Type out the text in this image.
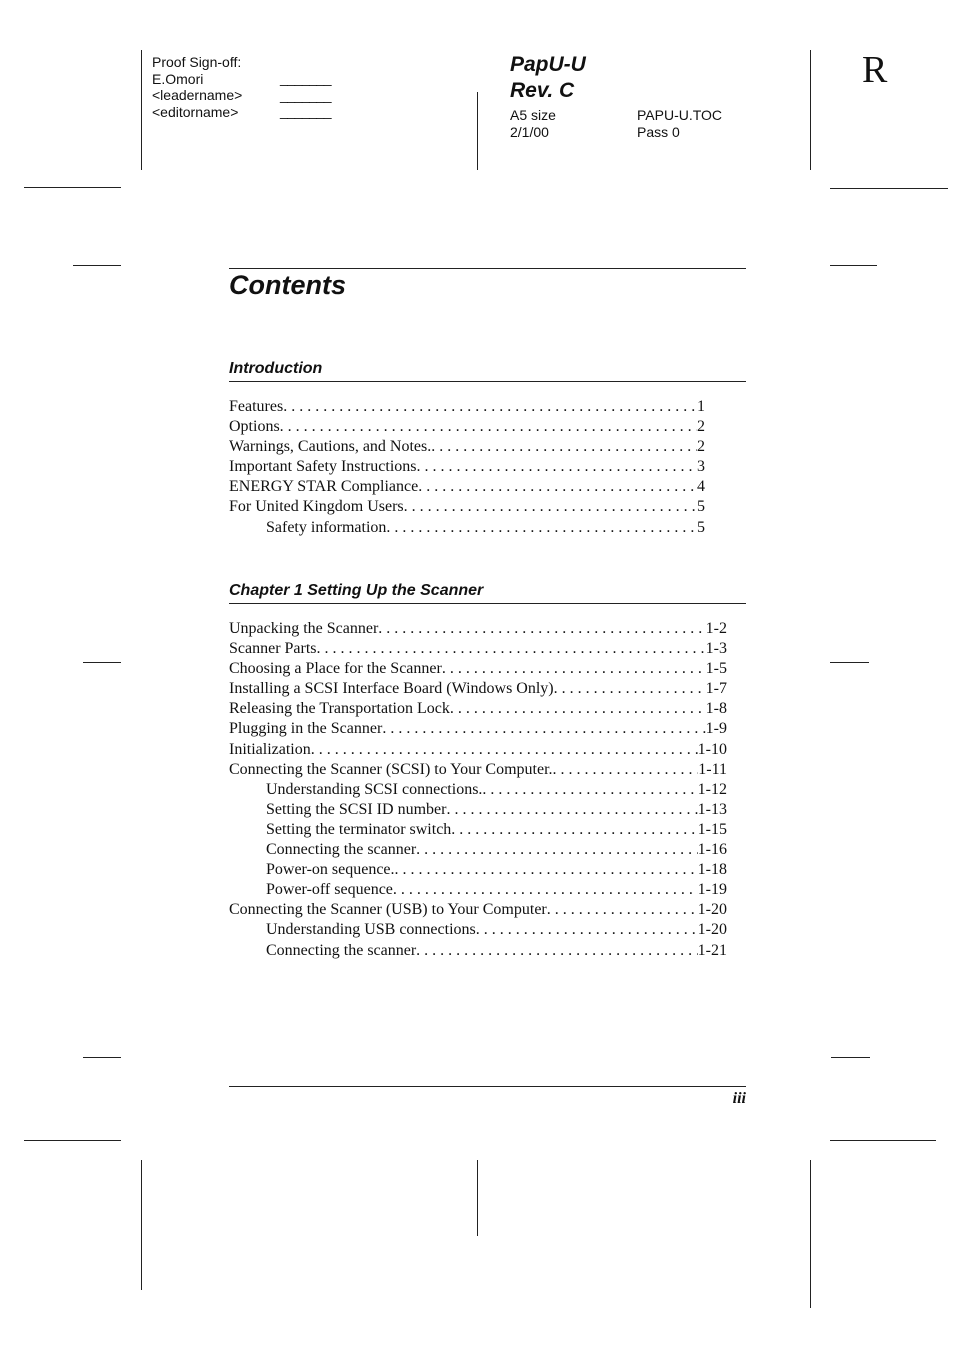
Proof Sign-off:
E.Omori
<leadername>
<editorname>
_______
_______
_______
PapU-U
Rev. C
A5 size
2/1/00
PAPU-U.TOC
Pass 0
R
Contents
Introduction
Features . . .	1
Options . . .	2
Warnings, Cautions, and Notes. . . .	2
Important Safety Instructions . . .	3
ENERGY STAR Compliance . . .	4
For United Kingdom Users . . .	5
Safety information . . .	5
Chapter 1 Setting Up the Scanner
Unpacking the Scanner . . .	1-2
Scanner Parts . . .	1-3
Choosing a Place for the Scanner . . .	1-5
Installing a SCSI Interface Board (Windows Only) . . .	1-7
Releasing the Transportation Lock . . .	1-8
Plugging in the Scanner . . .	1-9
Initialization . . .	1-10
Connecting the Scanner (SCSI) to Your Computer. . . .	1-11
Understanding SCSI connections. . . .	1-12
Setting the SCSI ID number . . .	1-13
Setting the terminator switch . . .	1-15
Connecting the scanner . . .	1-16
Power-on sequence. . . .	1-18
Power-off sequence . . .	1-19
Connecting the Scanner (USB) to Your Computer . . .	1-20
Understanding USB connections . . .	1-20
Connecting the scanner . . .	1-21
iii
